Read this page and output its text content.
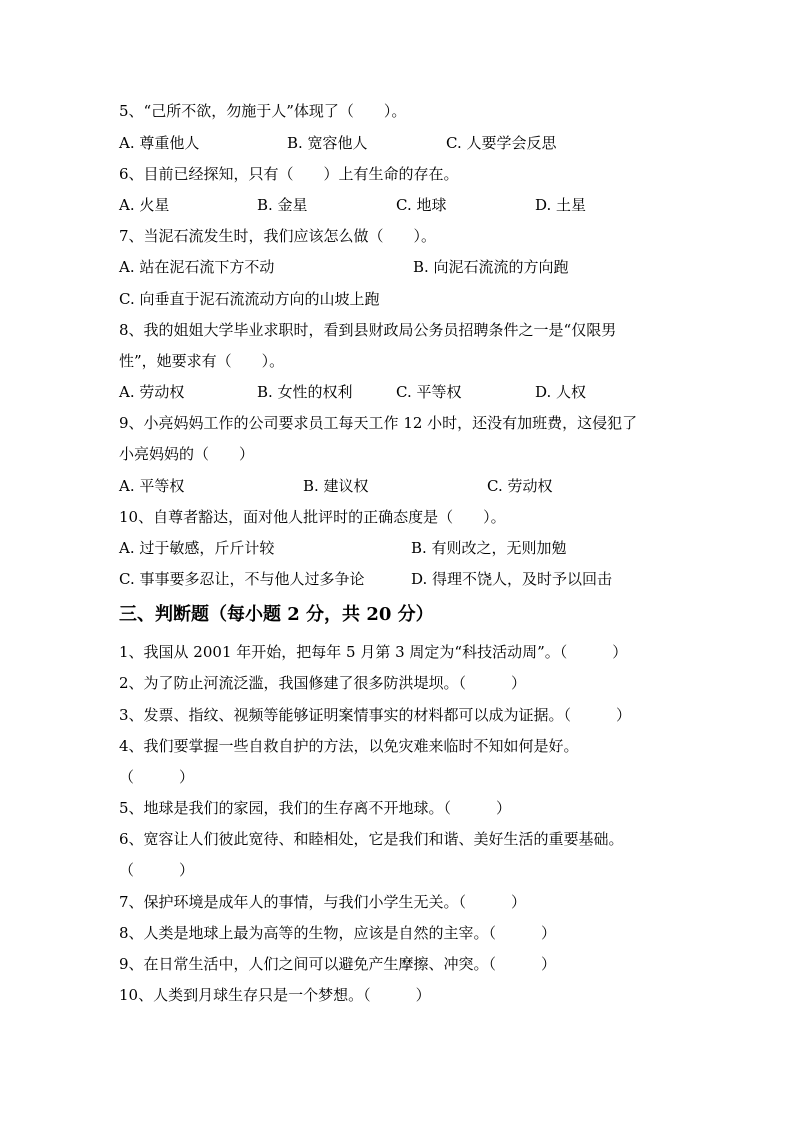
5、“己所不欲，勿施于人”体现了（　　）。
A. 尊重他人	B. 宽容他人	C. 人要学会反思
6、目前已经探知，只有（　　）上有生命的存在。
A. 火星	B. 金星	C. 地球	D. 土星
7、当泥石流发生时，我们应该怎么做（　　）。
A. 站在泥石流下方不动	B. 向泥石流流的方向跑
C. 向垂直于泥石流流动方向的山坡上跑
8、我的姐姐大学毕业求职时，看到县财政局公务员招聘条件之一是“仅限男
性”，她要求有（　　）。
A. 劳动权	B. 女性的权利	C. 平等权	D. 人权
9、小亮妈妈工作的公司要求员工每天工作 12 小时，还没有加班费，这侵犯了
小亮妈妈的（　　）
A. 平等权	B. 建议权	C. 劳动权
10、自尊者豁达，面对他人批评时的正确态度是（　　）。
A. 过于敏感，斤斤计较	B. 有则改之，无则加勉
C. 事事要多忍让，不与他人过多争论	D. 得理不饶人，及时予以回击
三、判断题（每小题 2 分，共 20 分）
1、我国从 2001 年开始，把每年 5 月第 3 周定为“科技活动周”。（　　　）
2、为了防止河流泛滥，我国修建了很多防洪堤坝。（　　　）
3、发票、指纹、视频等能够证明案情事实的材料都可以成为证据。（　　　）
4、我们要掌握一些自救自护的方法，以免灾难来临时不知如何是好。
（　　　）
5、地球是我们的家园，我们的生存离不开地球。（　　　）
6、宽容让人们彼此宽待、和睦相处，它是我们和谐、美好生活的重要基础。
（　　　）
7、保护环境是成年人的事情，与我们小学生无关。（　　　）
8、人类是地球上最为高等的生物，应该是自然的主宰。（　　　）
9、在日常生活中，人们之间可以避免产生摩擦、冲突。（　　　）
10、人类到月球生存只是一个梦想。（　　　）
